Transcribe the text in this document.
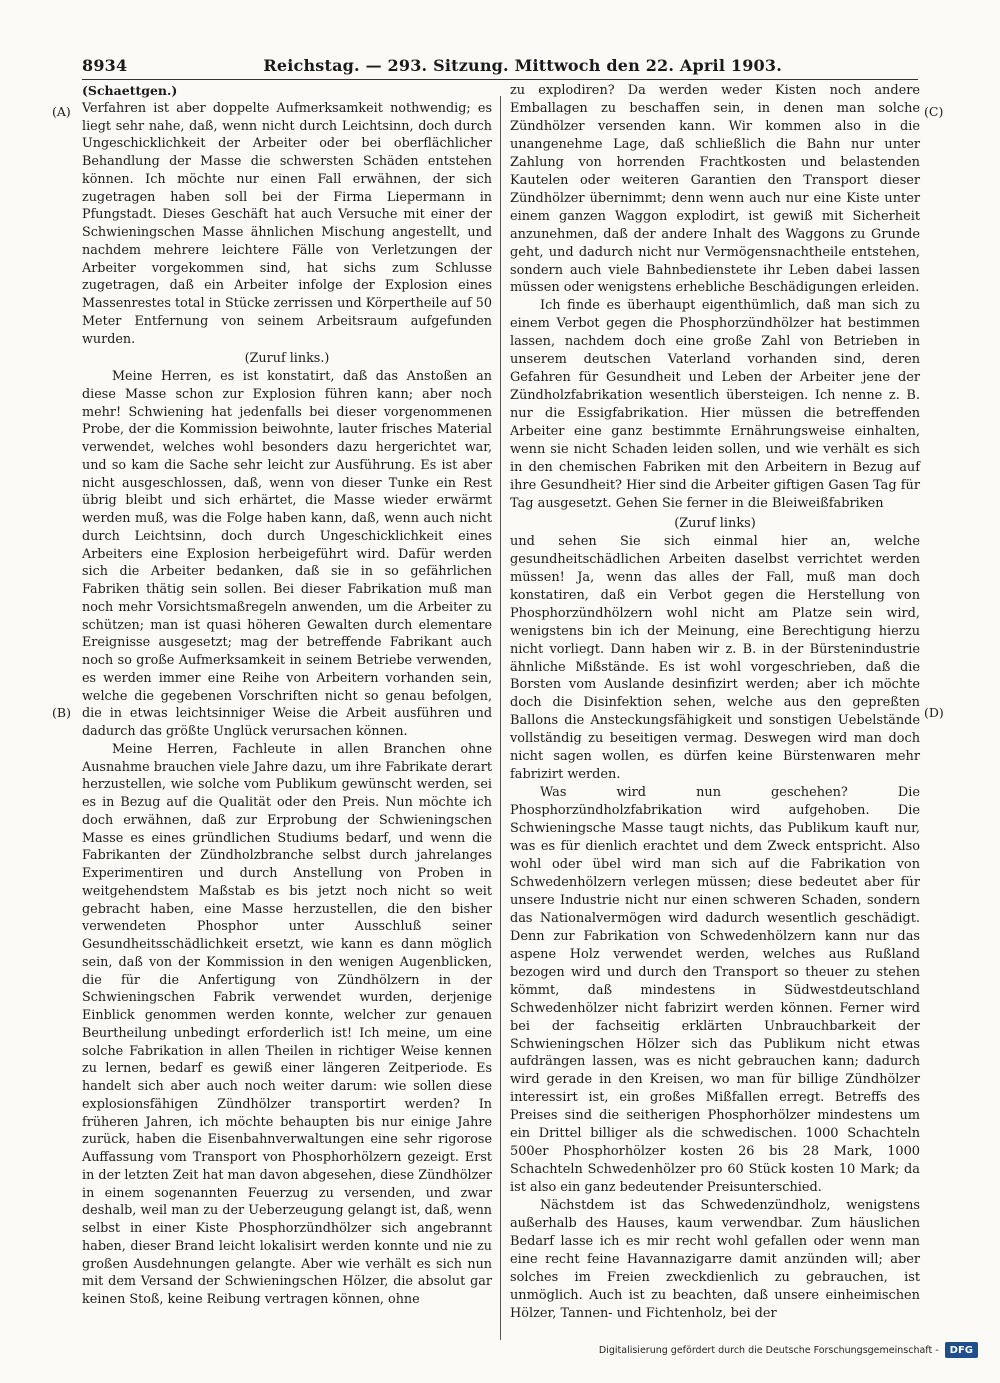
8934	Reichstag. — 293. Sitzung. Mittwoch den 22. April 1903.
(A)
(B)
(C)
(D)

(Schaettgen.)

Verfahren ist aber doppelte Aufmerksamkeit nothwendig; es liegt sehr nahe, daß, wenn nicht durch Leichtsinn, doch durch Ungeschicklichkeit der Arbeiter oder bei oberflächlicher Behandlung der Masse die schwersten Schäden entstehen können. Ich möchte nur einen Fall erwähnen, der sich zugetragen haben soll bei der Firma Liepermann in Pfungstadt. Dieses Geschäft hat auch Versuche mit einer der Schwieningschen Masse ähnlichen Mischung angestellt, und nachdem mehrere leichtere Fälle von Verletzungen der Arbeiter vorgekommen sind, hat sichs zum Schlusse zugetragen, daß ein Arbeiter infolge der Explosion eines Massenrestes total in Stücke zerrissen und Körpertheile auf 50 Meter Entfernung von seinem Arbeitsraum aufgefunden wurden.

(Zuruf links.)

Meine Herren, es ist konstatirt, daß das Anstoßen an diese Masse schon zur Explosion führen kann; aber noch mehr! Schwiening hat jedenfalls bei dieser vorgenommenen Probe, der die Kommission beiwohnte, lauter frisches Material verwendet, welches wohl besonders dazu hergerichtet war, und so kam die Sache sehr leicht zur Ausführung. Es ist aber nicht ausgeschlossen, daß, wenn von dieser Tunke ein Rest übrig bleibt und sich erhärtet, die Masse wieder erwärmt werden muß, was die Folge haben kann, daß, wenn auch nicht durch Leichtsinn, doch durch Ungeschicklichkeit eines Arbeiters eine Explosion herbeigeführt wird. Dafür werden sich die Arbeiter bedanken, daß sie in so gefährlichen Fabriken thätig sein sollen. Bei dieser Fabrikation muß man noch mehr Vorsichtsmaßregeln anwenden, um die Arbeiter zu schützen; man ist quasi höheren Gewalten durch elementare Ereignisse ausgesetzt; mag der betreffende Fabrikant auch noch so große Aufmerksamkeit in seinem Betriebe verwenden, es werden immer eine Reihe von Arbeitern vorhanden sein, welche die gegebenen Vorschriften nicht so genau befolgen, die in etwas leichtsinniger Weise die Arbeit ausführen und dadurch das größte Unglück verursachen können.

Meine Herren, Fachleute in allen Branchen ohne Ausnahme brauchen viele Jahre dazu, um ihre Fabrikate derart herzustellen, wie solche vom Publikum gewünscht werden, sei es in Bezug auf die Qualität oder den Preis. Nun möchte ich doch erwähnen, daß zur Erprobung der Schwieningschen Masse es eines gründlichen Studiums bedarf, und wenn die Fabrikanten der Zündholzbranche selbst durch jahrelanges Experimentiren und durch Anstellung von Proben in weitgehendstem Maßstab es bis jetzt noch nicht so weit gebracht haben, eine Masse herzustellen, die den bisher verwendeten Phosphor unter Ausschluß seiner Gesundheitsschädlichkeit ersetzt, wie kann es dann möglich sein, daß von der Kommission in den wenigen Augenblicken, die für die Anfertigung von Zündhölzern in der Schwieningschen Fabrik verwendet wurden, derjenige Einblick genommen werden konnte, welcher zur genauen Beurtheilung unbedingt erforderlich ist! Ich meine, um eine solche Fabrikation in allen Theilen in richtiger Weise kennen zu lernen, bedarf es gewiß einer längeren Zeitperiode. Es handelt sich aber auch noch weiter darum: wie sollen diese explosionsfähigen Zündhölzer transportirt werden? In früheren Jahren, ich möchte behaupten bis nur einige Jahre zurück, haben die Eisenbahnverwaltungen eine sehr rigorose Auffassung vom Transport von Phosphorhölzern gezeigt. Erst in der letzten Zeit hat man davon abgesehen, diese Zündhölzer in einem sogenannten Feuerzug zu versenden, und zwar deshalb, weil man zu der Ueberzeugung gelangt ist, daß, wenn selbst in einer Kiste Phosphorzündhölzer sich angebrannt haben, dieser Brand leicht lokalisirt werden konnte und nie zu großen Ausdehnungen gelangte. Aber wie verhält es sich nun mit dem Versand der Schwieningschen Hölzer, die absolut gar keinen Stoß, keine Reibung vertragen können, ohne

zu explodiren? Da werden weder Kisten noch andere Emballagen zu beschaffen sein, in denen man solche Zündhölzer versenden kann. Wir kommen also in die unangenehme Lage, daß schließlich die Bahn nur unter Zahlung von horrenden Frachtkosten und belastenden Kautelen oder weiteren Garantien den Transport dieser Zündhölzer übernimmt; denn wenn auch nur eine Kiste unter einem ganzen Waggon explodirt, ist gewiß mit Sicherheit anzunehmen, daß der andere Inhalt des Waggons zu Grunde geht, und dadurch nicht nur Vermögensnachtheile entstehen, sondern auch viele Bahnbedienstete ihr Leben dabei lassen müssen oder wenigstens erhebliche Beschädigungen erleiden.

Ich finde es überhaupt eigenthümlich, daß man sich zu einem Verbot gegen die Phosphorzündhölzer hat bestimmen lassen, nachdem doch eine große Zahl von Betrieben in unserem deutschen Vaterland vorhanden sind, deren Gefahren für Gesundheit und Leben der Arbeiter jene der Zündholzfabrikation wesentlich übersteigen. Ich nenne z. B. nur die Essigfabrikation. Hier müssen die betreffenden Arbeiter eine ganz bestimmte Ernährungsweise einhalten, wenn sie nicht Schaden leiden sollen, und wie verhält es sich in den chemischen Fabriken mit den Arbeitern in Bezug auf ihre Gesundheit? Hier sind die Arbeiter giftigen Gasen Tag für Tag ausgesetzt. Gehen Sie ferner in die Bleiweißfabriken

(Zuruf links)

und sehen Sie sich einmal hier an, welche gesundheitschädlichen Arbeiten daselbst verrichtet werden müssen! Ja, wenn das alles der Fall, muß man doch konstatiren, daß ein Verbot gegen die Herstellung von Phosphorzündhölzern wohl nicht am Platze sein wird, wenigstens bin ich der Meinung, eine Berechtigung hierzu nicht vorliegt. Dann haben wir z. B. in der Bürstenindustrie ähnliche Mißstände. Es ist wohl vorgeschrieben, daß die Borsten vom Auslande desinfizirt werden; aber ich möchte doch die Disinfektion sehen, welche aus den gepreßten Ballons die Ansteckungsfähigkeit und sonstigen Uebelstände vollständig zu beseitigen vermag. Deswegen wird man doch nicht sagen wollen, es dürfen keine Bürstenwaren mehr fabrizirt werden.

Was wird nun geschehen? Die Phosphorzündholzfabrikation wird aufgehoben. Die Schwieningsche Masse taugt nichts, das Publikum kauft nur, was es für dienlich erachtet und dem Zweck entspricht. Also wohl oder übel wird man sich auf die Fabrikation von Schwedenhölzern verlegen müssen; diese bedeutet aber für unsere Industrie nicht nur einen schweren Schaden, sondern das Nationalvermögen wird dadurch wesentlich geschädigt. Denn zur Fabrikation von Schwedenhölzern kann nur das aspene Holz verwendet werden, welches aus Rußland bezogen wird und durch den Transport so theuer zu stehen kömmt, daß mindestens in Südwestdeutschland Schwedenhölzer nicht fabrizirt werden können. Ferner wird bei der fachseitig erklärten Unbrauchbarkeit der Schwieningschen Hölzer sich das Publikum nicht etwas aufdrängen lassen, was es nicht gebrauchen kann; dadurch wird gerade in den Kreisen, wo man für billige Zündhölzer interessirt ist, ein großes Mißfallen erregt. Betreffs des Preises sind die seitherigen Phosphorhölzer mindestens um ein Drittel billiger als die schwedischen. 1000 Schachteln 500er Phosphorhölzer kosten 26 bis 28 Mark, 1000 Schachteln Schwedenhölzer pro 60 Stück kosten 10 Mark; da ist also ein ganz bedeutender Preisunterschied.

Nächstdem ist das Schwedenzündholz, wenigstens außerhalb des Hauses, kaum verwendbar. Zum häuslichen Bedarf lasse ich es mir recht wohl gefallen oder wenn man eine recht feine Havannazigarre damit anzünden will; aber solches im Freien zweckdienlich zu gebrauchen, ist unmöglich. Auch ist zu beachten, daß unsere einheimischen Hölzer, Tannen- und Fichtenholz, bei der

Digitalisierung gefördert durch die Deutsche Forschungsgemeinschaft -	DFG
